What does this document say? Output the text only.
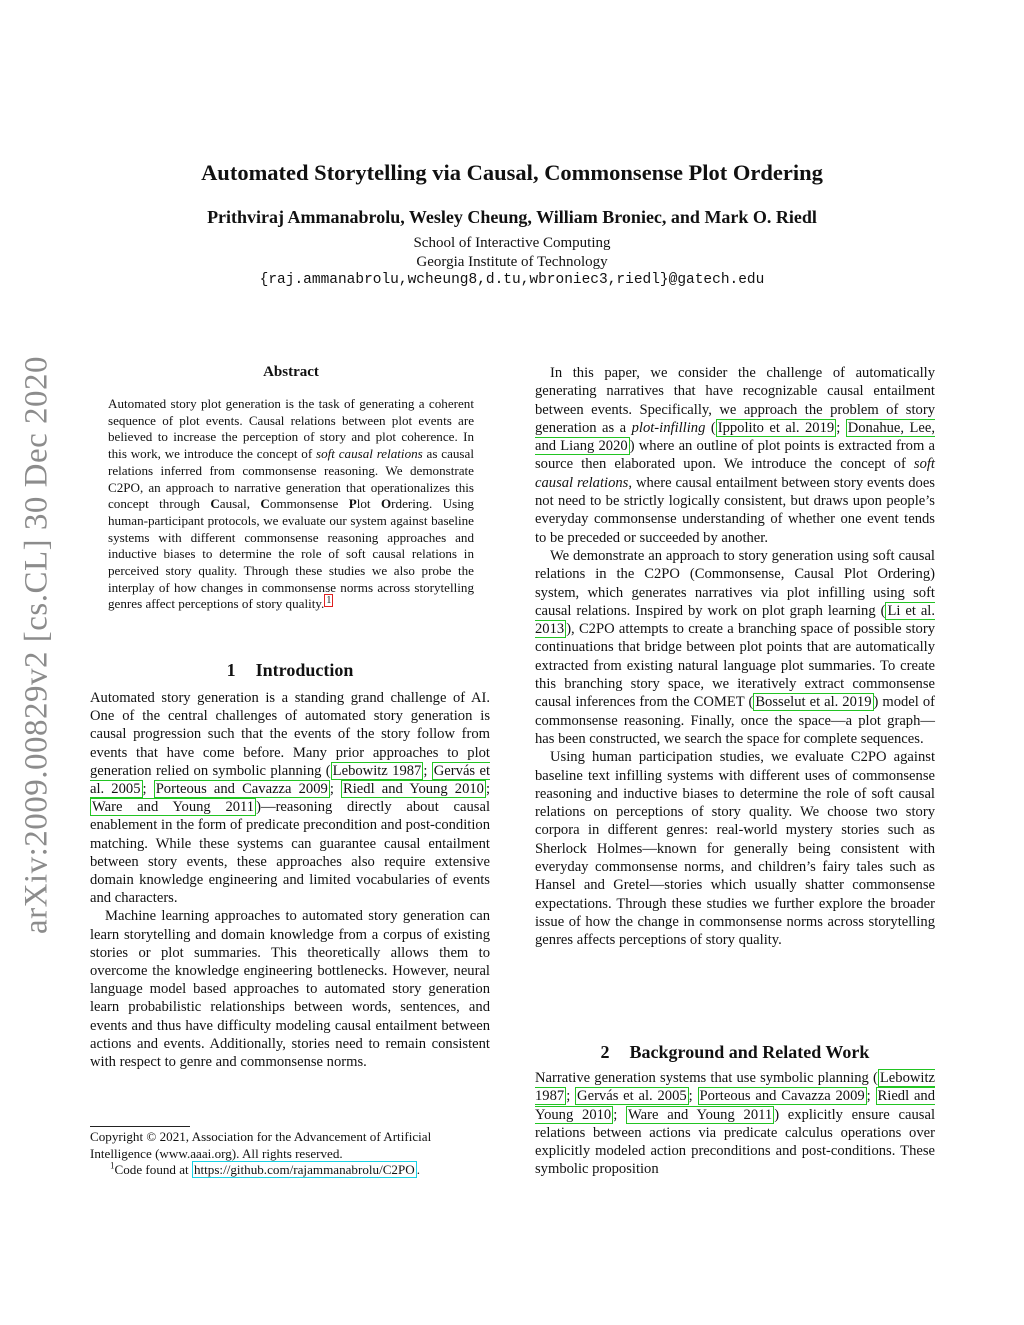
arXiv:2009.00829v2 [cs.CL] 30 Dec 2020
Automated Storytelling via Causal, Commonsense Plot Ordering
Prithviraj Ammanabrolu, Wesley Cheung, William Broniec, and Mark O. Riedl
School of Interactive Computing
Georgia Institute of Technology
{raj.ammanabrolu,wcheung8,d.tu,wbroniec3,riedl}@gatech.edu
Abstract

Automated story plot generation is the task of generating a coherent sequence of plot events. Causal relations between plot events are believed to increase the perception of story and plot coherence. In this work, we introduce the concept of soft causal relations as causal relations inferred from commonsense reasoning. We demonstrate C2PO, an approach to narrative generation that operationalizes this concept through Causal, Commonsense Plot Ordering. Using human-participant protocols, we evaluate our system against baseline systems with different commonsense reasoning approaches and inductive biases to determine the role of soft causal relations in perceived story quality. Through these studies we also probe the interplay of how changes in commonsense norms across storytelling genres affect perceptions of story quality. $^1$

1 Introduction

Automated story generation is a standing grand challenge of AI. One of the central challenges of automated story generation is causal progression such that the events of the story follow from events that have come before. Many prior approaches to plot generation relied on symbolic planning ( Lebowitz 1987 ; Gervás et al. 2005 ; Porteous and Cavazza 2009 ; Riedl and Young 2010 ; Ware and Young 2011 )—reasoning directly about causal enablement in the form of predicate precondition and post-condition matching. While these systems can guarantee causal entailment between story events, these approaches also require extensive domain knowledge engineering and limited vocabularies of events and characters.

Machine learning approaches to automated story generation can learn storytelling and domain knowledge from a corpus of existing stories or plot summaries. This theoretically allows them to overcome the knowledge engineering bottlenecks. However, neural language model based approaches to automated story generation learn probabilistic relationships between words, sentences, and events and thus have difficulty modeling causal entailment between actions and events. Additionally, stories need to remain consistent with respect to genre and commonsense norms.

Copyright © 2021, Association for the Advancement of Artificial Intelligence (www.aaai.org). All rights reserved.

$^1$Code found at https://github.com/rajammanabrolu/C2PO .

In this paper, we consider the challenge of automatically generating narratives that have recognizable causal entailment between events. Specifically, we approach the problem of story generation as a plot-infilling ( Ippolito et al. 2019 ; Donahue, Lee, and Liang 2020 ) where an outline of plot points is extracted from a source then elaborated upon. We introduce the concept of soft causal relations, where causal entailment between story events does not need to be strictly logically consistent, but draws upon people’s everyday commonsense understanding of whether one event tends to be preceded or succeeded by another.

We demonstrate an approach to story generation using soft causal relations in the C2PO (Commonsense, Causal Plot Ordering) system, which generates narratives via plot infilling using soft causal relations. Inspired by work on plot graph learning ( Li et al. 2013 ), C2PO attempts to create a branching space of possible story continuations that bridge between plot points that are automatically extracted from existing natural language plot summaries. To create this branching story space, we iteratively extract commonsense causal inferences from the COMET ( Bosselut et al. 2019 ) model of commonsense reasoning. Finally, once the space—a plot graph—has been constructed, we search the space for complete sequences.

Using human participation studies, we evaluate C2PO against baseline text infilling systems with different uses of commonsense reasoning and inductive biases to determine the role of soft causal relations on perceptions of story quality. We choose two story corpora in different genres: real-world mystery stories such as Sherlock Holmes—known for generally being consistent with everyday commonsense norms, and children’s fairy tales such as Hansel and Gretel—stories which usually shatter commonsense expectations. Through these studies we further explore the broader issue of how the change in commonsense norms across storytelling genres affects perceptions of story quality.

2 Background and Related Work

Narrative generation systems that use symbolic planning ( Lebowitz 1987 ; Gervás et al. 2005 ; Porteous and Cavazza 2009 ; Riedl and Young 2010 ; Ware and Young 2011 ) explicitly ensure causal relations between actions via predicate calculus operations over explicitly modeled action preconditions and post-conditions. These symbolic proposition
